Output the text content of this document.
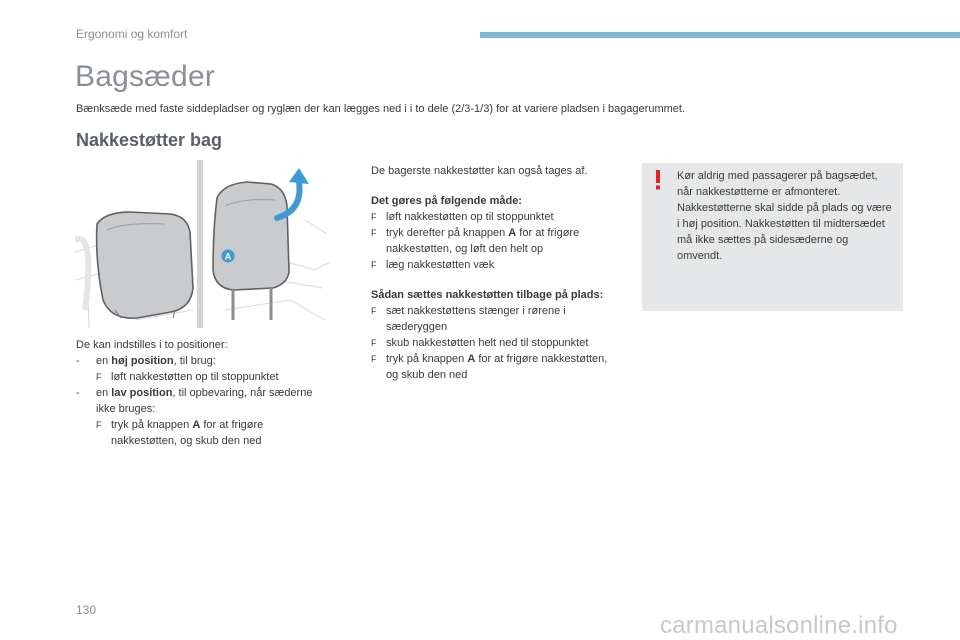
Ergonomi og komfort
Bagsæder
Bænksæde med faste siddepladser og ryglæn der kan lægges ned i i to dele (2/3-1/3) for at variere pladsen i bagagerummet.
Nakkestøtter bag
A

De kan indstilles i to positioner:

-	en høj position, til brug:
F løft nakkestøtten op til stoppunktet
-	en lav position, til opbevaring, når sæderne ikke bruges:
F tryk på knappen A for at frigøre nakkestøtten, og skub den ned

De bagerste nakkestøtter kan også tages af.

Det gøres på følgende måde:

F løft nakkestøtten op til stoppunktet
F tryk derefter på knappen A for at frigøre nakkestøtten, og løft den helt op
F læg nakkestøtten væk

Sådan sættes nakkestøtten tilbage på plads:

F sæt nakkestøttens stænger i rørene i sæderyggen
F skub nakkestøtten helt ned til stoppunktet
F tryk på knappen A for at frigøre nakkestøtten, og skub den ned
Kør aldrig med passagerer på bagsædet, når nakkestøtterne er afmonteret. Nakkestøtterne skal sidde på plads og være i høj position. Nakkestøtten til midtersædet må ikke sættes på sidesæderne og omvendt.
130
carmanualsonline.info
